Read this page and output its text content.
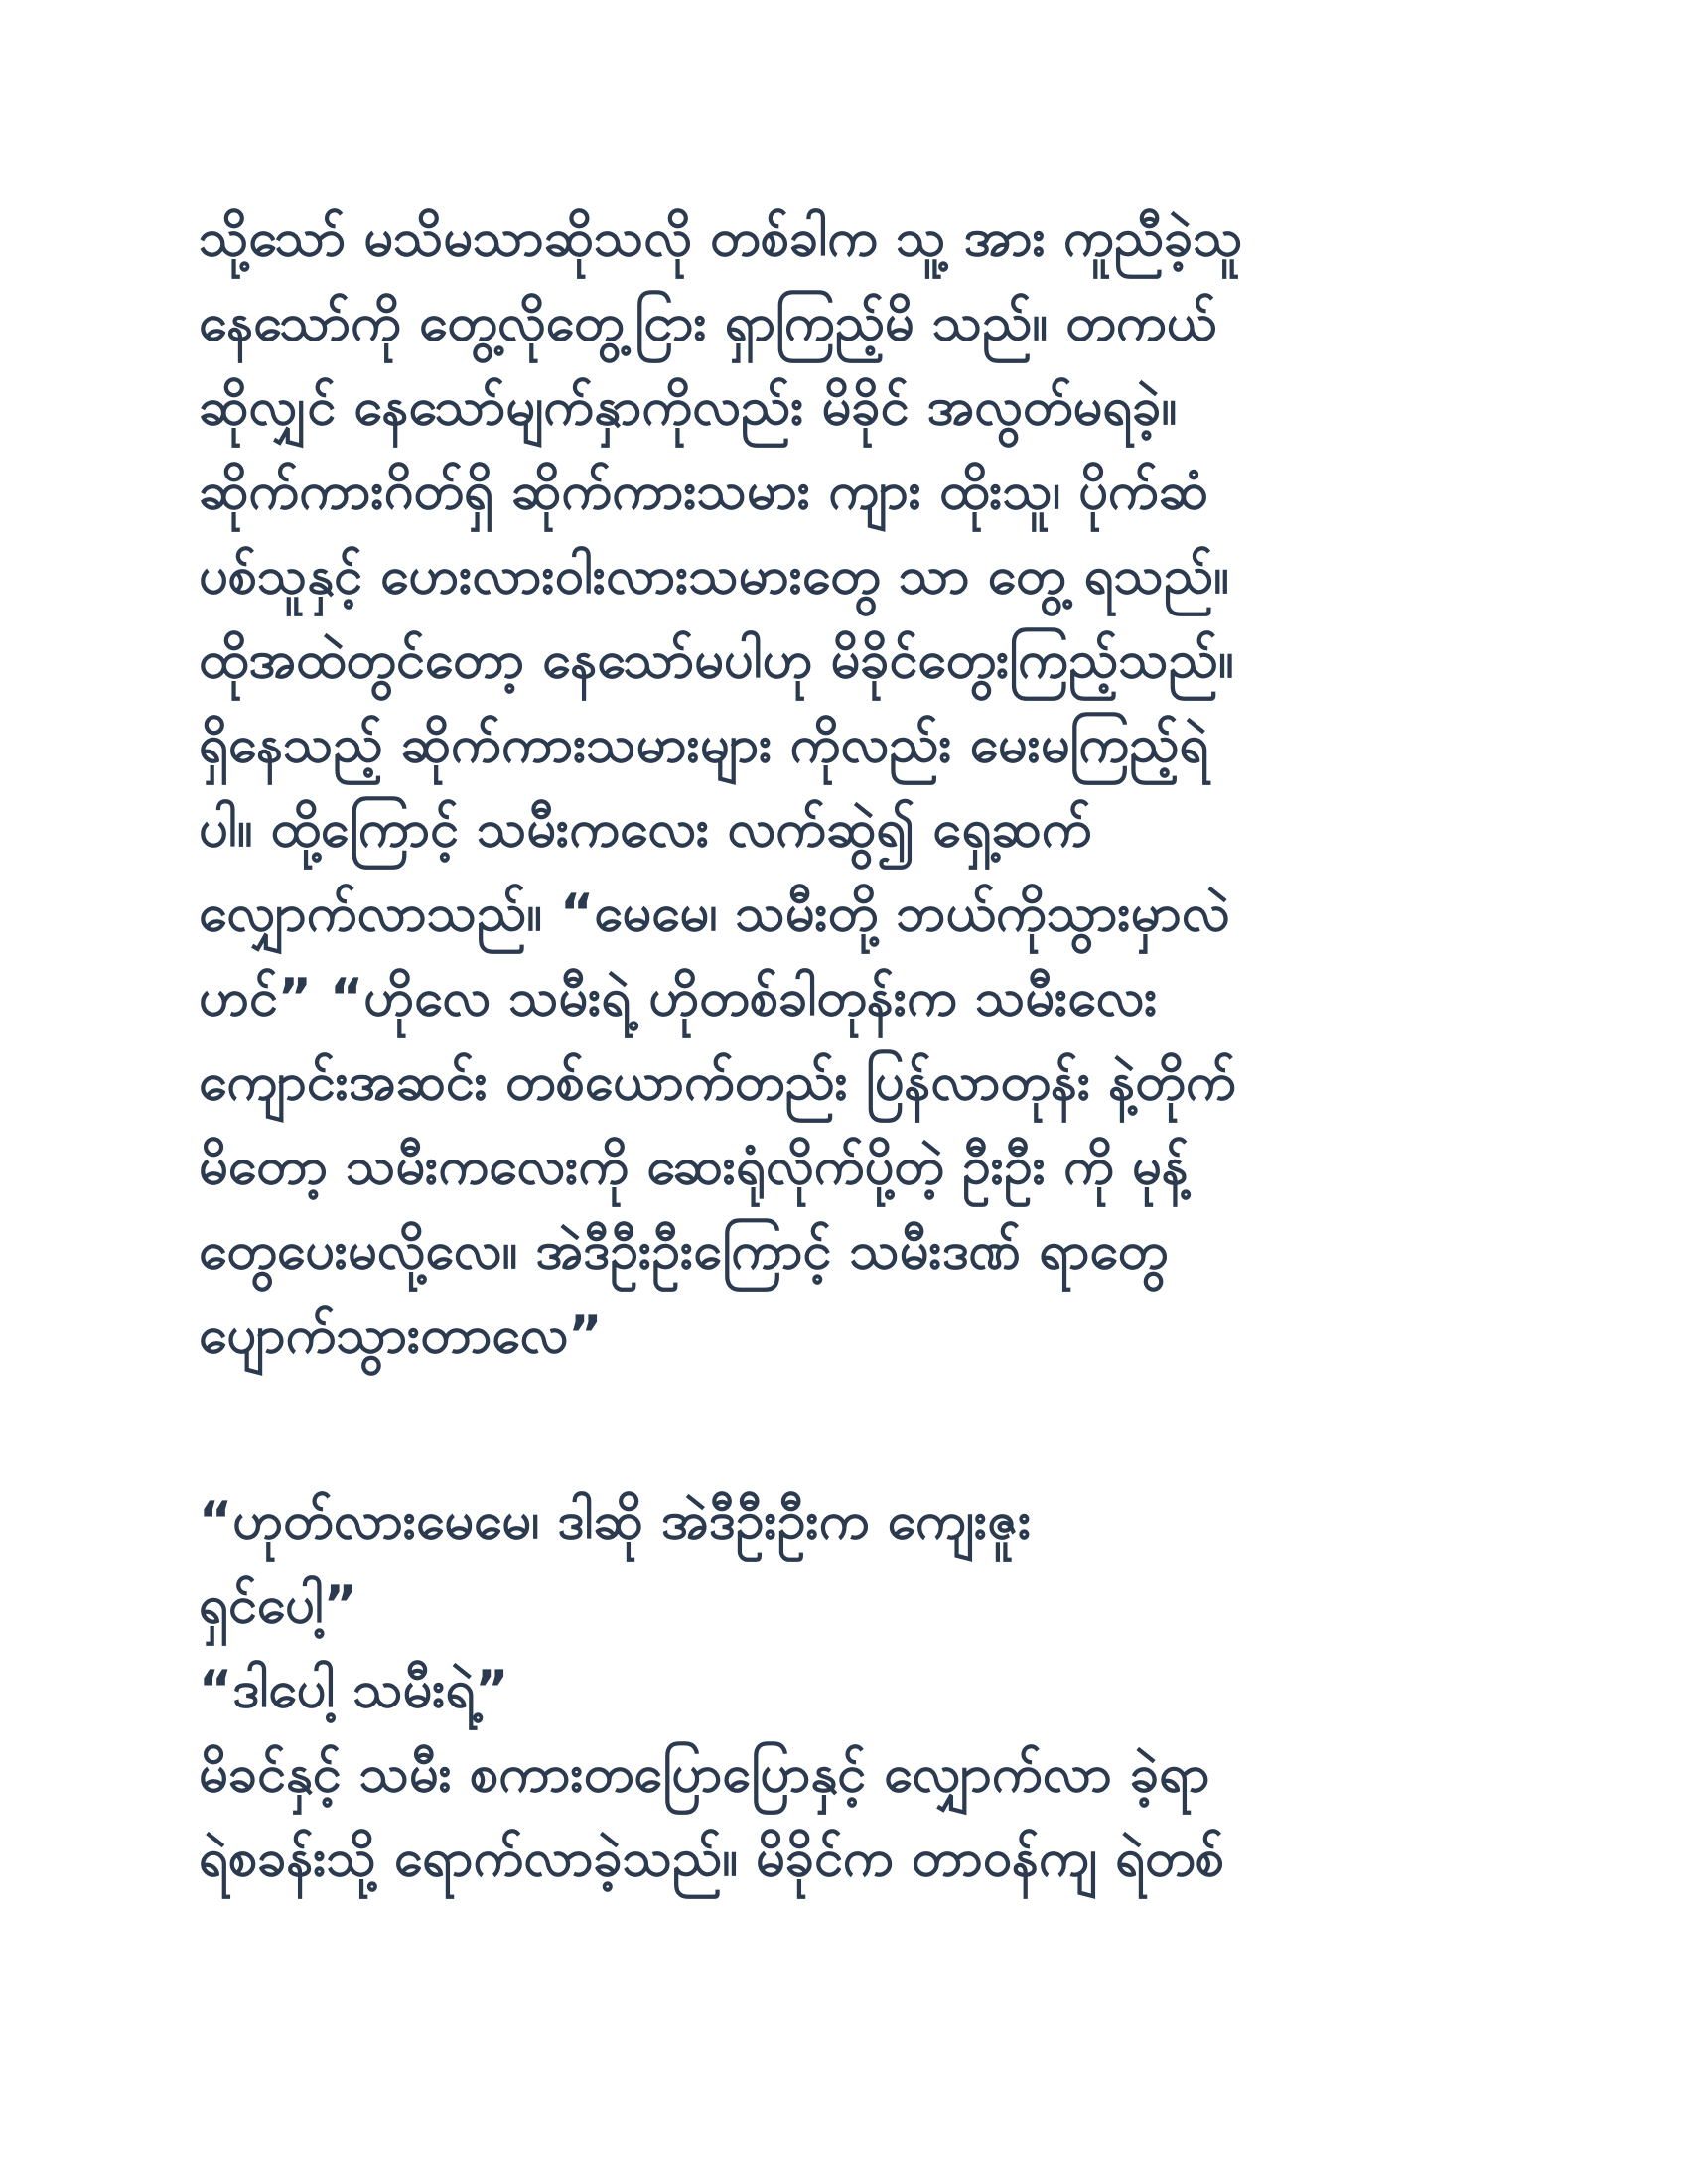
သို့သော် မသိမသာဆိုသလို တစ်ခါက သူ့ အား ကူညီခဲ့သူ
နေသော်ကို တွေ့လိုတွေ့ငြား ရှာကြည့်မိ သည်။ တကယ်
ဆိုလျှင် နေသော်မျက်နှာကိုလည်း မိခိုင် အလွတ်မရခဲ့။
ဆိုက်ကားဂိတ်ရှိ ဆိုက်ကားသမား ကျား ထိုးသူ၊ ပိုက်ဆံ
ပစ်သူနှင့် ဟေးလားဝါးလားသမားတွေ သာ တွေ့ ရသည်။
ထိုအထဲတွင်တော့ နေသော်မပါဟု မိခိုင်တွေးကြည့်သည်။
ရှိနေသည့် ဆိုက်ကားသမားများ ကိုလည်း မေးမကြည့်ရဲ
ပါ။ ထို့ကြောင့် သမီးကလေး လက်ဆွဲ၍ ရှေ့ဆက်
လျှောက်လာသည်။ “မေမေ၊ သမီးတို့ ဘယ်ကိုသွားမှာလဲ
ဟင်” “ဟိုလေ သမီးရဲ့ ဟိုတစ်ခါတုန်းက သမီးလေး
ကျောင်းအဆင်း တစ်ယောက်တည်း ပြန်လာတုန်း နဲ့တိုက်
မိတော့ သမီးကလေးကို ဆေးရုံလိုက်ပို့တဲ့ ဦးဦး ကို မုန့်
တွေပေးမလို့လေ။ အဲဒီဦးဦးကြောင့် သမီးဒဏ် ရာတွေ
ပျောက်သွားတာလေ”
“ဟုတ်လားမေမေ၊ ဒါဆို အဲဒီဦးဦးက ကျေးဇူး
ရှင်ပေါ့”
“ဒါပေါ့ သမီးရဲ့”
မိခင်နှင့် သမီး စကားတပြောပြောနှင့် လျှောက်လာ ခဲ့ရာ
ရဲစခန်းသို့ ရောက်လာခဲ့သည်။ မိခိုင်က တာဝန်ကျ ရဲတစ်
